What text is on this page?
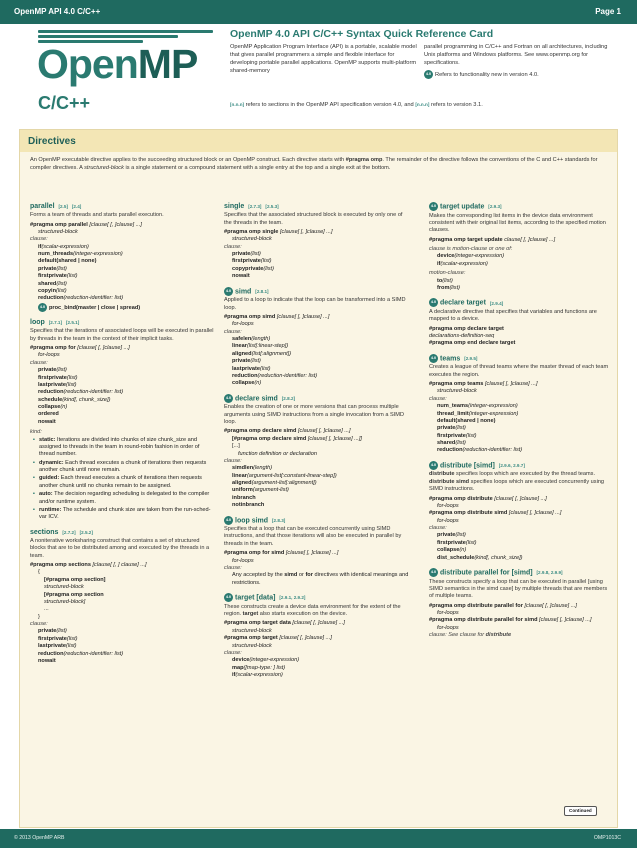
OpenMP API 4.0 C/C++	Page 1
OpenMP
C/C++
OpenMP 4.0 API C/C++ Syntax Quick Reference Card
OpenMP Application Program Interface (API) is a portable, scalable model that gives parallel programmers a simple and flexible interface for developing portable parallel applications. OpenMP supports multi-platform shared-memory
parallel programming in C/C++ and Fortran on all architectures, including Unix platforms and Windows platforms. See www.openmp.org for specifications.
4.0 Refers to functionality new in version 4.0.
[n.n.n] refers to sections in the OpenMP API specification version 4.0, and [n.n.n] refers to version 3.1.
Directives
An OpenMP executable directive applies to the succeeding structured block or an OpenMP construct. Each directive starts with #pragma omp. The remainder of the directive follows the conventions of the C and C++ standards for compiler directives. A structured-block is a single statement or a compound statement with a single entry at the top and a single exit at the bottom.
parallel [2.5] [2.4]
Forms a team of threads and starts parallel execution.
#pragma omp parallel [clause[ [, ]clause] ...]
structured-block
clause:
if(scalar-expression)
num_threads(integer-expression)
default(shared | none)
private(list)
firstprivate(list)
shared(list)
copyin(list)
reduction(reduction-identifier: list)
4.0 proc_bind(master | close | spread)
loop [2.7.1] [2.5.1]
Specifies that the iterations of associated loops will be executed in parallel by threads in the team in the context of their implicit tasks.
#pragma omp for [clause[ [, ]clause] ...]
for-loops
clause:
private(list)
firstprivate(list)
lastprivate(list)
reduction(reduction-identifier: list)
schedule(kind[, chunk_size])
collapse(n)
ordered
nowait
kind:
▪ static: Iterations are divided into chunks of size chunk_size and assigned to threads in the team in round-robin fashion in order of thread number.
▪ dynamic: Each thread executes a chunk of iterations then requests another chunk until none remain.
▪ guided: Each thread executes a chunk of iterations then requests another chunk until no chunks remain to be assigned.
▪ auto: The decision regarding scheduling is delegated to the compiler and/or runtime system.
▪ runtime: The schedule and chunk size are taken from the run-sched-var ICV.
sections [2.7.2] [2.5.2]
A noniterative worksharing construct that contains a set of structured blocks that are to be distributed among and executed by the threads in a team.
#pragma omp sections [clause[ [, ] clause] ...]
{
[#pragma omp section]
structured-block
[#pragma omp section
structured-block]
...
}
clause:
private(list)
firstprivate(list)
lastprivate(list)
reduction(reduction-identifier: list)
nowait
single [2.7.3] [2.5.3]
Specifies that the associated structured block is executed by only one of the threads in the team.
#pragma omp single [clause[ [, ]clause] ...]
structured-block
clause:
private(list)
firstprivate(list)
copyprivate(list)
nowait
4.0 simd [2.8.1]
Applied to a loop to indicate that the loop can be transformed into a SIMD loop.
#pragma omp simd [clause[ [, ]clause] ...]
for-loops
clause:
safelen(length)
linear(list[:linear-step])
aligned(list[:alignment])
private(list)
lastprivate(list)
reduction(reduction-identifier: list)
collapse(n)
4.0 declare simd [2.8.2]
Enables the creation of one or more versions that can process multiple arguments using SIMD instructions from a single invocation from a SIMD loop.
#pragma omp declare simd [clause[ [, ]clause] ...]
[#pragma omp declare simd [clause[ [, ]clause] ...]]
[...]
function definition or declaration
clause:
simdlen(length)
linear(argument-list[:constant-linear-step])
aligned(argument-list[:alignment])
uniform(argument-list)
inbranch
notinbranch
4.0 loop simd [2.8.3]
Specifies that a loop that can be executed concurrently using SIMD instructions, and that those iterations will also be executed in parallel by threads in the team.
#pragma omp for simd [clause[ [, ]clause] ...]
for-loops
clause:
Any accepted by the simd or for directives with identical meanings and restrictions.
4.0 target [data] [2.9.1, 2.9.2]
These constructs create a device data environment for the extent of the region. target also starts execution on the device.
#pragma omp target data [clause[ [, ]clause] ...]
structured-block
#pragma omp target [clause[ [, ]clause] ...]
structured-block
clause:
device(integer-expression)
map([map-type: ] list)
if(scalar-expression)
4.0 target update [2.9.3]
Makes the corresponding list items in the device data environment consistent with their original list items, according to the specified motion clauses.
#pragma omp target update clause[ [, ]clause] ...]
clause is motion-clause or one of:
device(integer-expression)
if(scalar-expression)
motion-clause:
to(list)
from(list)
4.0 declare target [2.9.4]
A declarative directive that specifies that variables and functions are mapped to a device.
#pragma omp declare target
declarations-definition-seq
#pragma omp end declare target
4.0 teams [2.9.5]
Creates a league of thread teams where the master thread of each team executes the region.
#pragma omp teams [clause[ [, ]clause] ...]
structured-block
clause:
num_teams(integer-expression)
thread_limit(integer-expression)
default(shared | none)
private(list)
firstprivate(list)
shared(list)
reduction(reduction-identifier: list)
4.0 distribute [simd] [2.9.6, 2.9.7]
distribute specifies loops which are executed by the thread teams. distribute simd specifies loops which are executed concurrently using SIMD instructions.
#pragma omp distribute [clause[ [, ]clause] ...]
for-loops
#pragma omp distribute simd [clause[ [, ]clause] ...]
for-loops
clause:
private(list)
firstprivate(list)
collapse(n)
dist_schedule(kind[, chunk_size])
4.0 distribute parallel for [simd] [2.9.8, 2.9.9]
These constructs specify a loop that can be executed in parallel [using SIMD semantics in the simd case] by multiple threads that are members of multiple teams.
#pragma omp distribute parallel for [clause[ [, ]clause] ...]
for-loops
#pragma omp distribute parallel for simd [clause[ [, ]clause] ...]
for-loops
clause: See clause for distribute
Continued
© 2013 OpenMP ARB	OMP1013C
